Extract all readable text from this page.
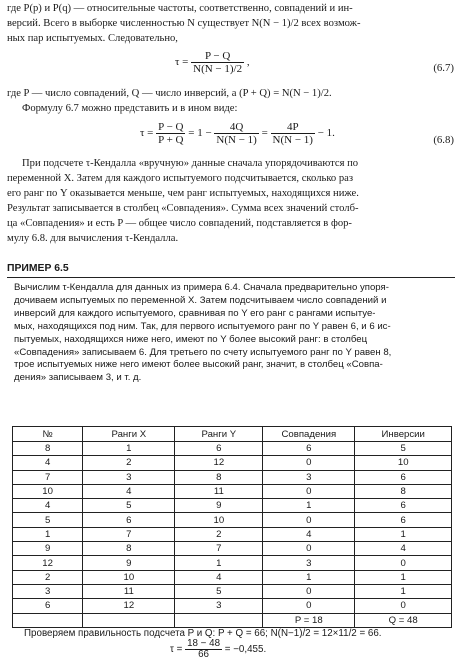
где P(p) и P(q) — относительные частоты, соответственно, совпадений и ин-
версий. Всего в выборке численностью N существует N(N − 1)/2 всех возмож-
ных пар испытуемых. Следовательно,
$\tau = \frac{P - Q}{N(N - 1)/2}$ ,	(6.7)
где P — число совпадений, Q — число инверсий, а (P + Q) = N(N − 1)/2.
Формулу 6.7 можно представить и в ином виде:
$\tau = \frac{P - Q}{P + Q} = 1 - \frac{4Q}{N(N - 1)} = \frac{4P}{N(N - 1)} - 1$.
(6.8)
При подсчете τ-Кендалла «вручную» данные сначала упорядочиваются по
переменной X. Затем для каждого испытуемого подсчитывается, сколько раз
его ранг по Y оказывается меньше, чем ранг испытуемых, находящихся ниже.
Результат записывается в столбец «Совпадения». Сумма всех значений столб-
ца «Совпадения» и есть P — общее число совпадений, подставляется в фор-
мулу 6.8. для вычисления τ-Кендалла.
ПРИМЕР 6.5
Вычислим τ-Кендалла для данных из примера 6.4. Сначала предварительно упоря-
дочиваем испытуемых по переменной X. Затем подсчитываем число совпадений и
инверсий для каждого испытуемого, сравнивая по Y его ранг с рангами испытуе-
мых, находящихся под ним. Так, для первого испытуемого ранг по Y равен 6, и 6 ис-
пытуемых, находящихся ниже него, имеют по Y более высокий ранг: в столбец
«Совпадения» записываем 6. Для третьего по счету испытуемого ранг по Y равен 8,
трое испытуемых ниже него имеют более высокий ранг, значит, в столбец «Совпа-
дения» записываем 3, и т. д.
№	Ранги X	Ранги Y	Совпадения	Инверсии
8	1	6	6	5
4	2	12	0	10
7	3	8	3	6
10	4	11	0	8
4	5	9	1	6
5	6	10	0	6
1	7	2	4	1
9	8	7	0	4
12	9	1	3	0
2	10	4	1	1
3	11	5	0	1
6	12	3	0	0
			P = 18	Q = 48
Проверяем правильность подсчета P и Q: P + Q = 66; N(N−1)/2 = 12×11/2 = 66.
$\tau = \frac{18 - 48}{66} = -0,455$.
